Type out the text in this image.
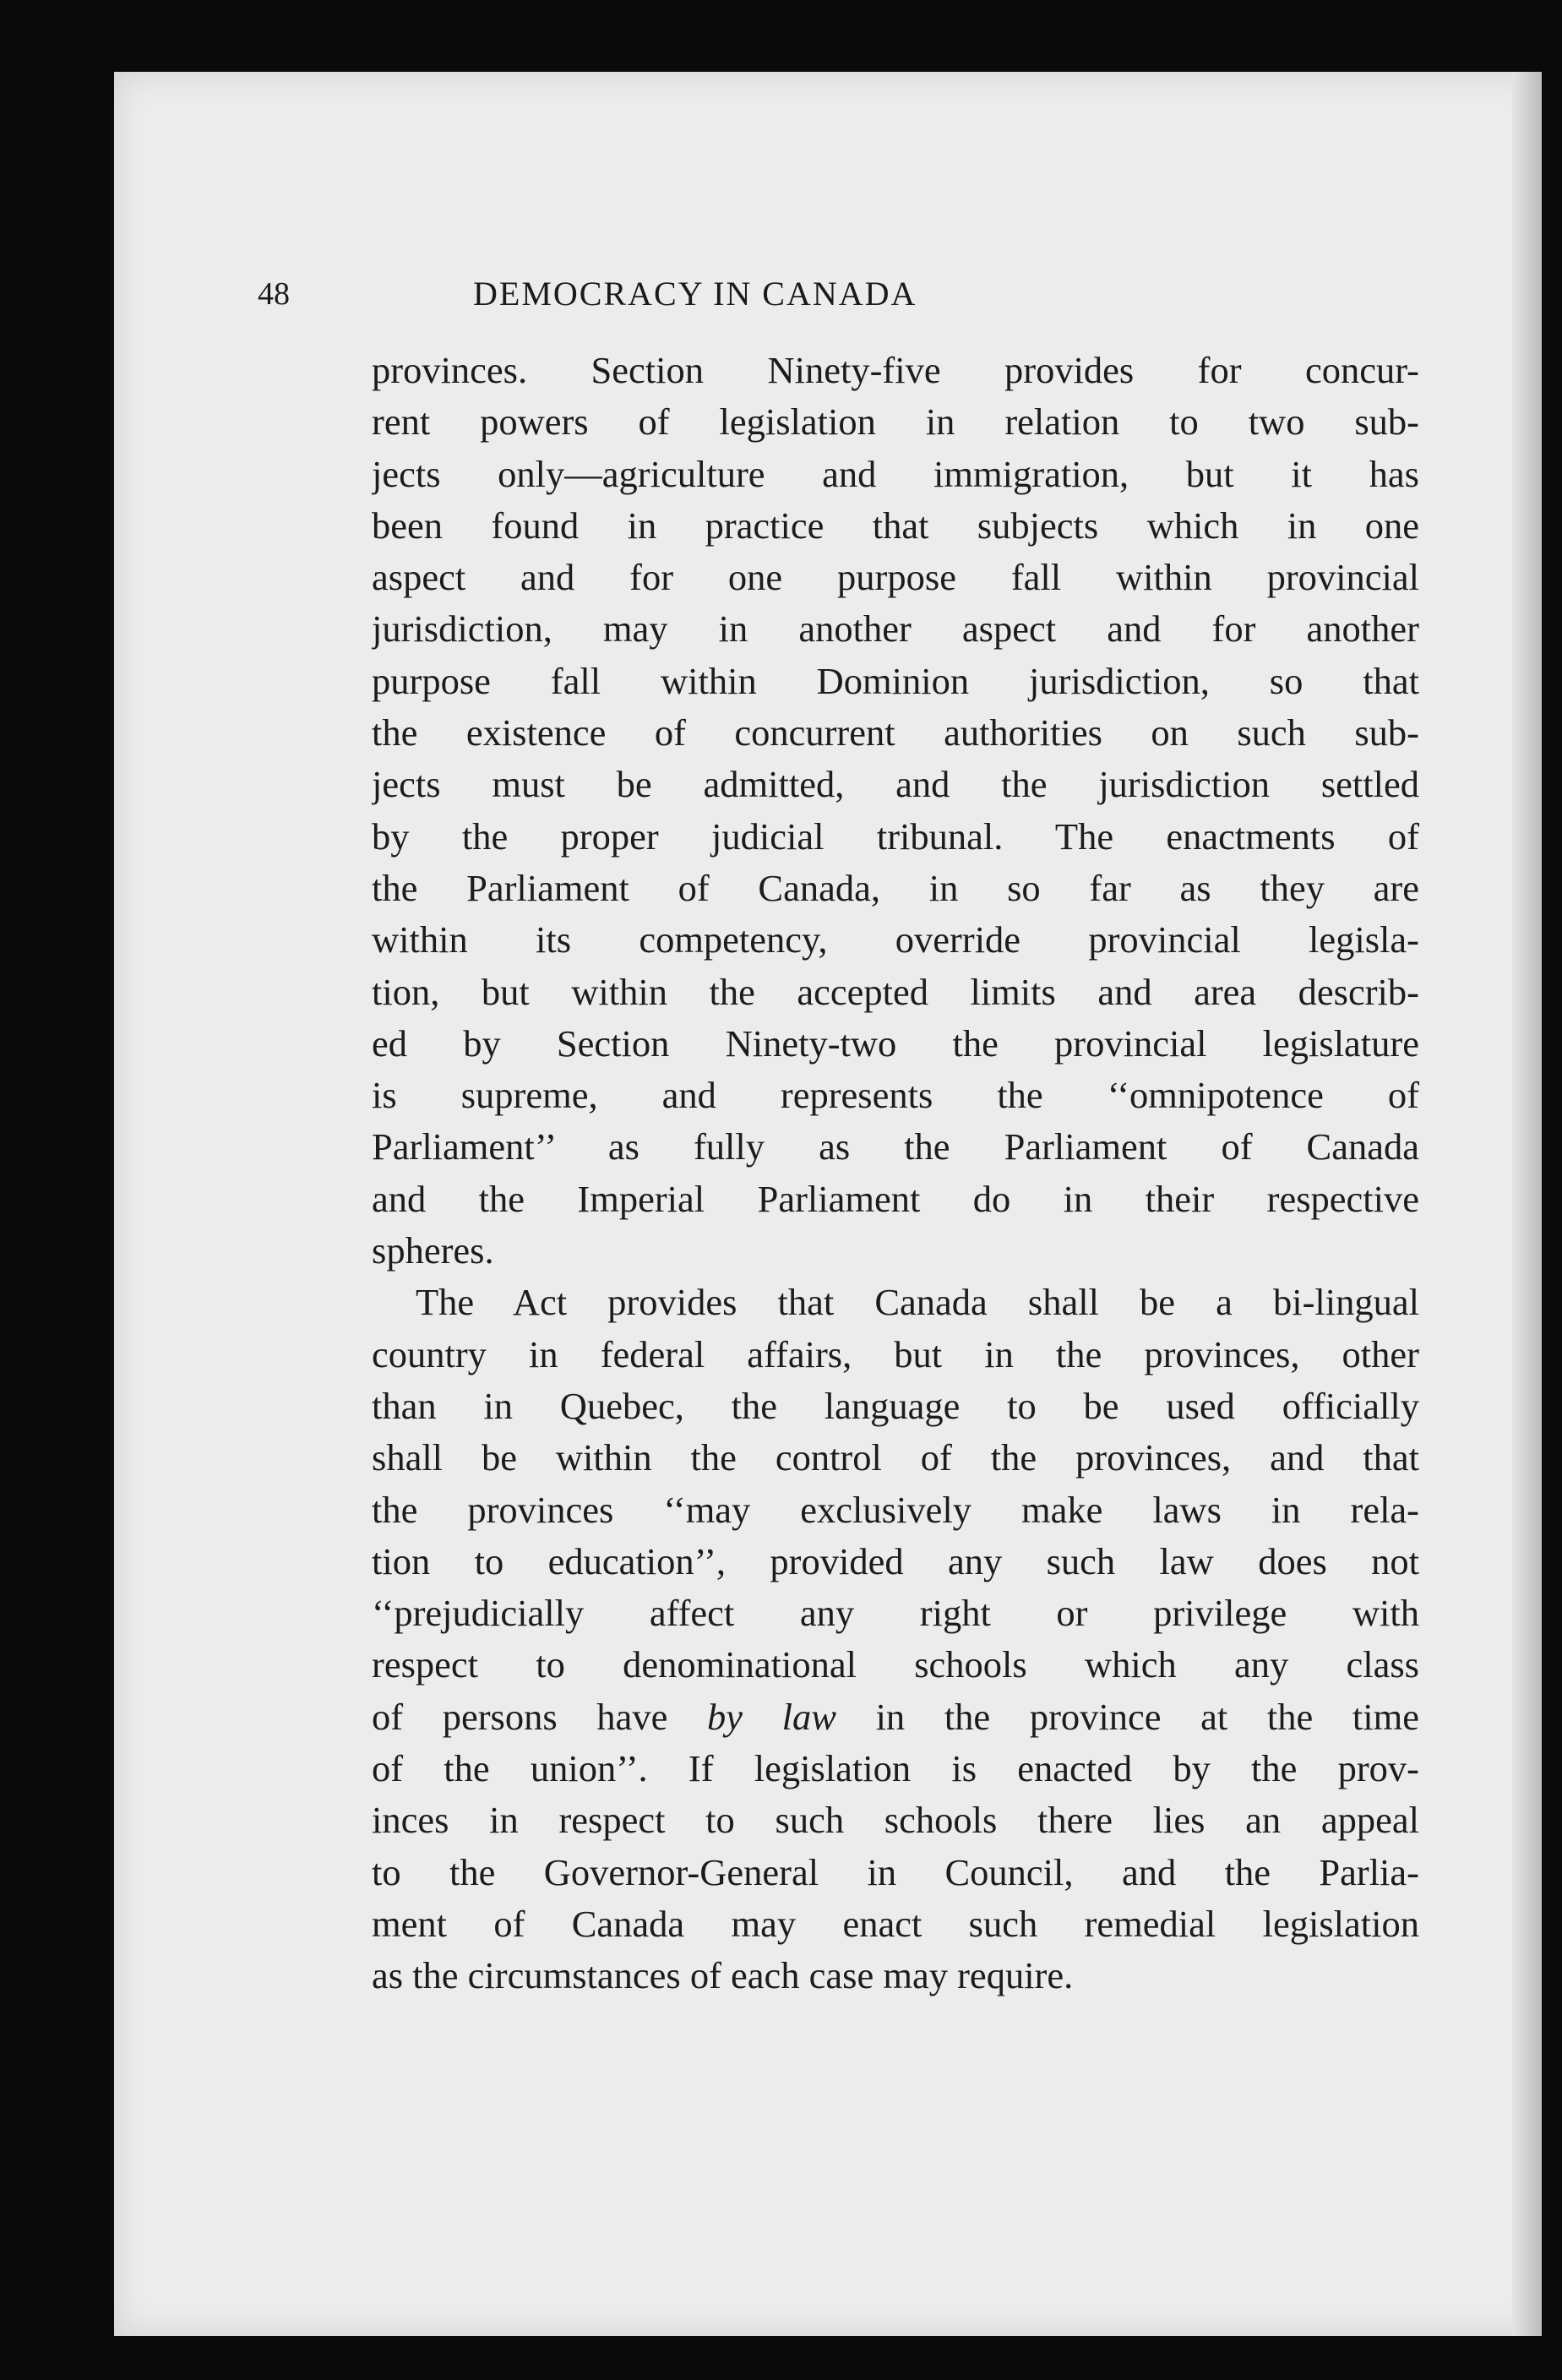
48	DEMOCRACY IN CANADA
provinces. Section Ninety-five provides for concur-
rent powers of legislation in relation to two sub-
jects only—agriculture and immigration, but it has
been found in practice that subjects which in one
aspect and for one purpose fall within provincial
jurisdiction, may in another aspect and for another
purpose fall within Dominion jurisdiction, so that
the existence of concurrent authorities on such sub-
jects must be admitted, and the jurisdiction settled
by the proper judicial tribunal. The enactments of
the Parliament of Canada, in so far as they are
within its competency, override provincial legisla-
tion, but within the accepted limits and area describ-
ed by Section Ninety-two the provincial legislature
is supreme, and represents the ‘‘omnipotence of
Parliament’’ as fully as the Parliament of Canada
and the Imperial Parliament do in their respective
spheres.
The Act provides that Canada shall be a bi-lingual
country in federal affairs, but in the provinces, other
than in Quebec, the language to be used officially
shall be within the control of the provinces, and that
the provinces ‘‘may exclusively make laws in rela-
tion to education’’, provided any such law does not
‘‘prejudicially affect any right or privilege with
respect to denominational schools which any class
of persons have by law in the province at the time
of the union’’. If legislation is enacted by the prov-
inces in respect to such schools there lies an appeal
to the Governor-General in Council, and the Parlia-
ment of Canada may enact such remedial legislation
as the circumstances of each case may require.
